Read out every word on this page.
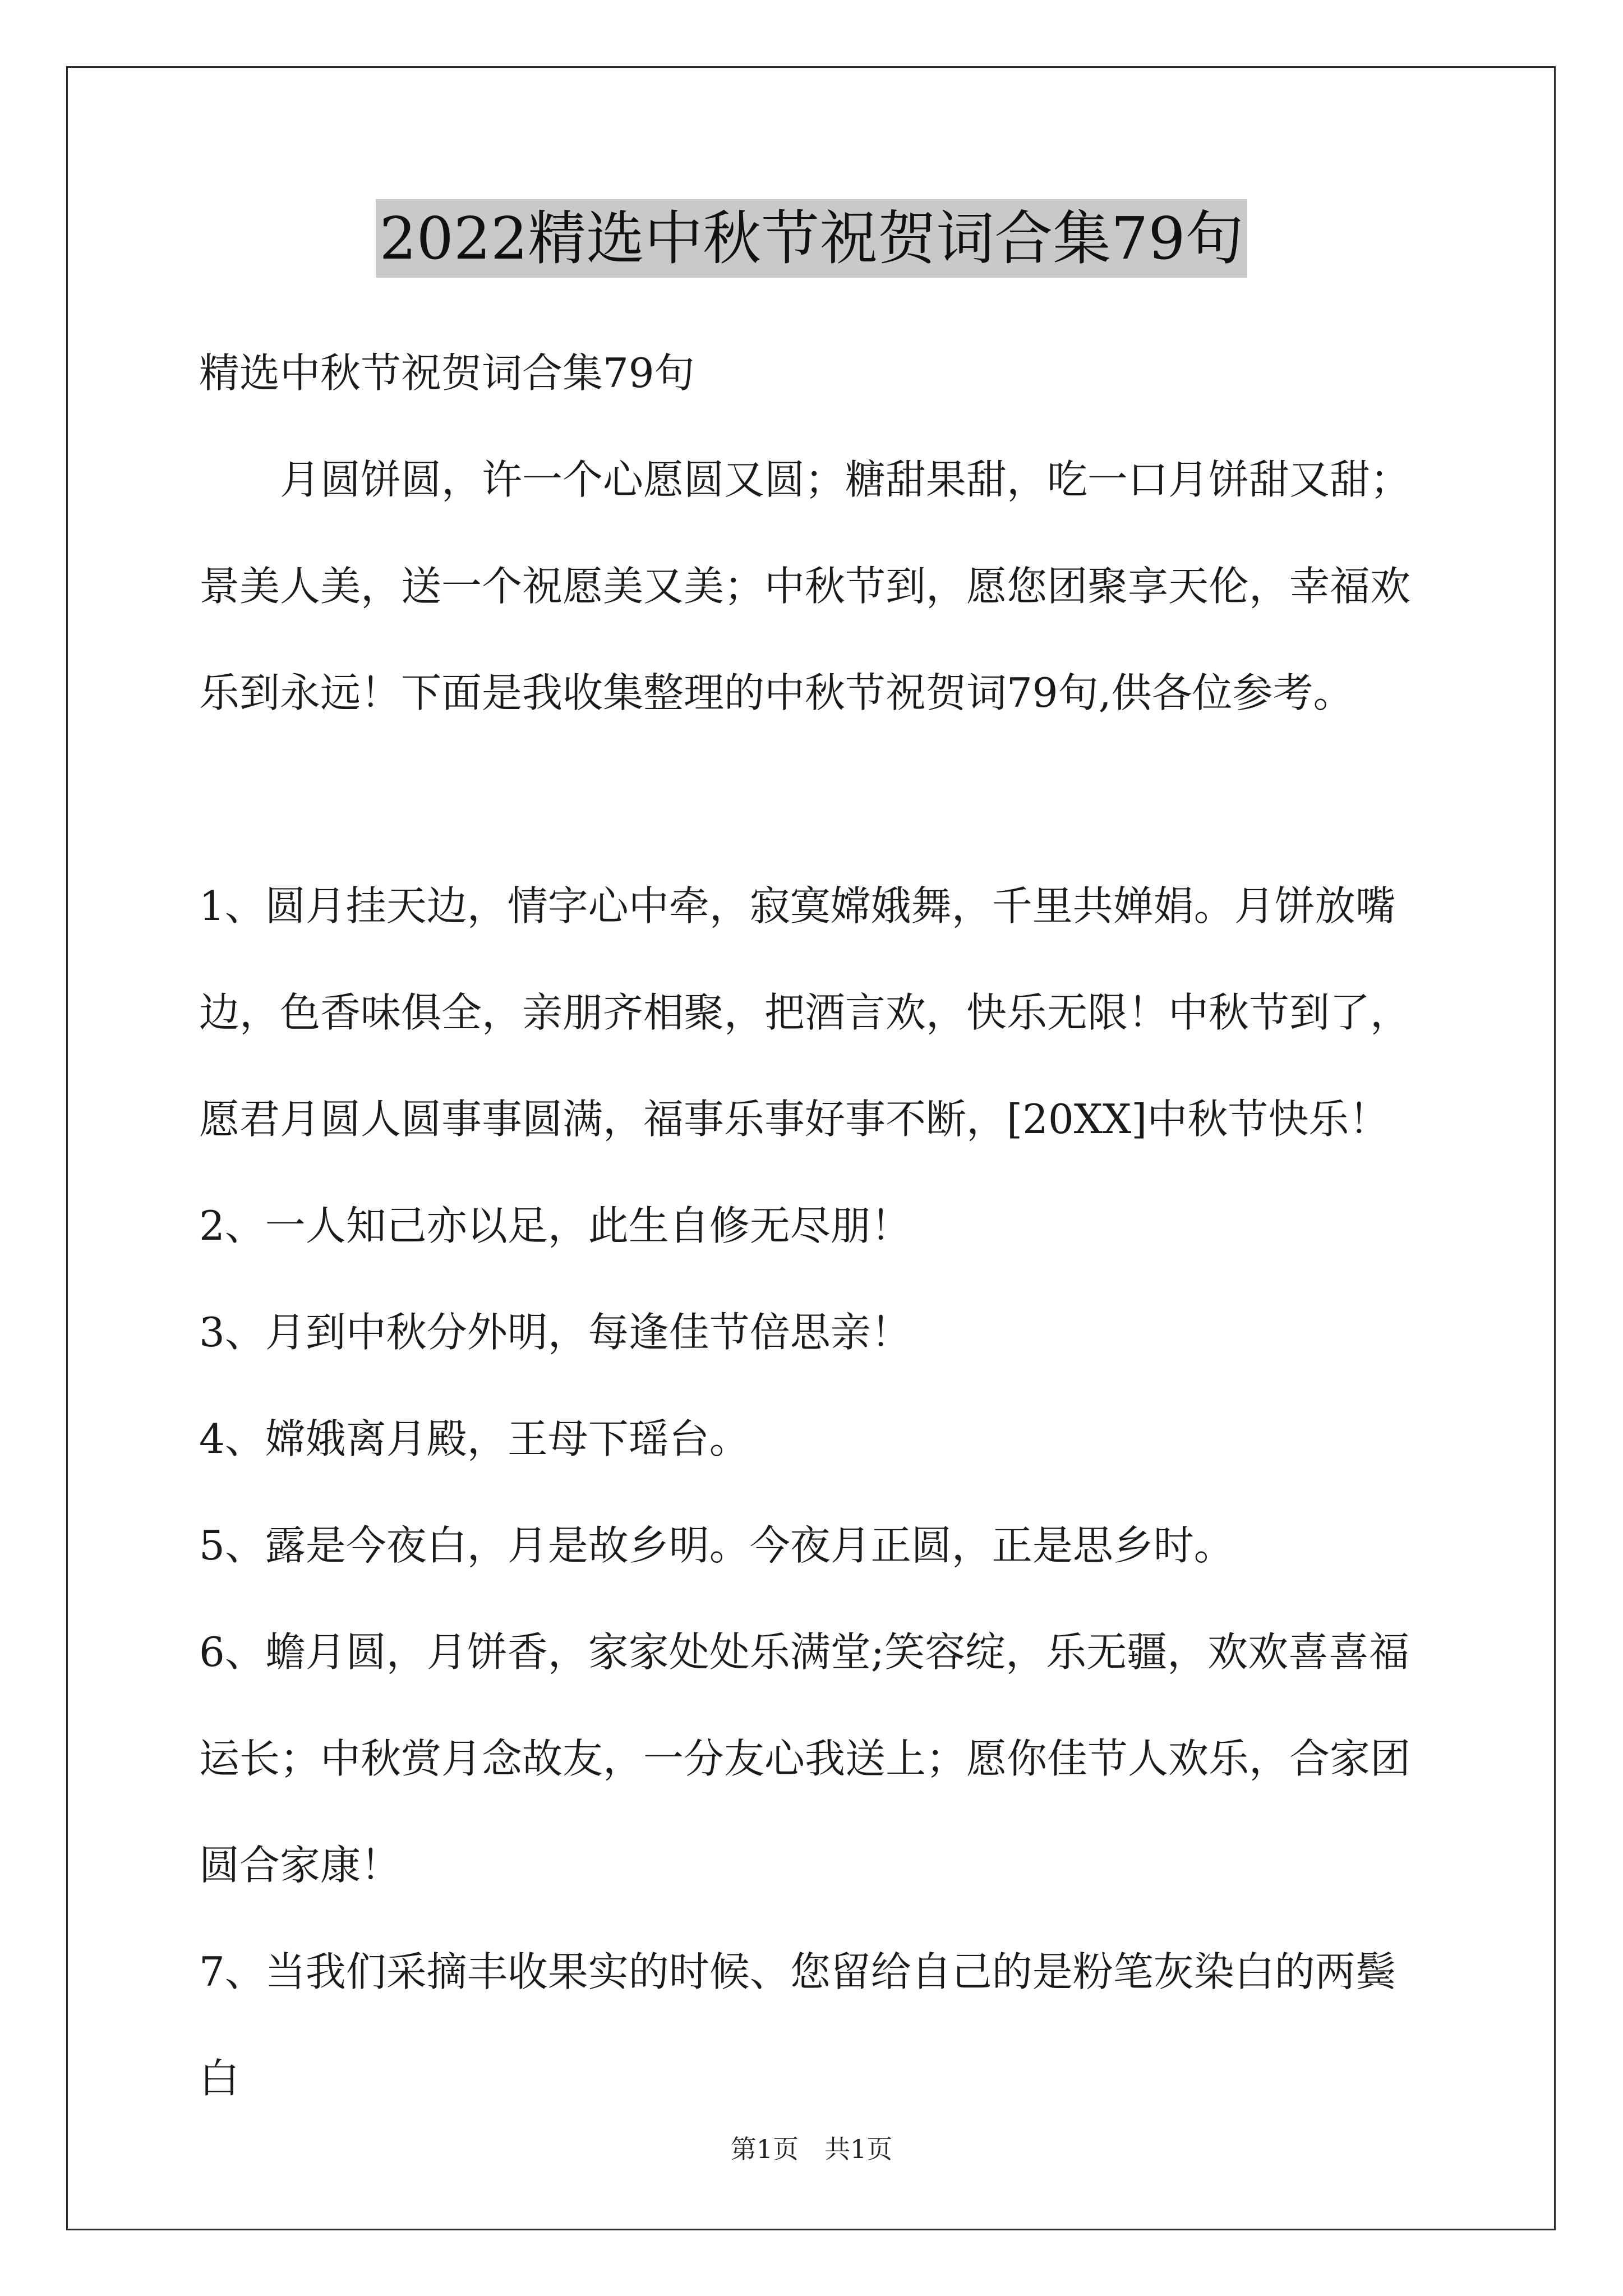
2022精选中秋节祝贺词合集79句

精选中秋节祝贺词合集79句

月圆饼圆，许一个心愿圆又圆；糖甜果甜，吃一口月饼甜又甜；景美人美，送一个祝愿美又美；中秋节到，愿您团聚享天伦，幸福欢乐到永远！下面是我收集整理的中秋节祝贺词79句,供各位参考。

1、圆月挂天边，情字心中牵，寂寞嫦娥舞，千里共婵娟。月饼放嘴边，色香味俱全，亲朋齐相聚，把酒言欢，快乐无限！中秋节到了，愿君月圆人圆事事圆满，福事乐事好事不断，[20XX]中秋节快乐！

2、一人知己亦以足，此生自修无尽朋！

3、月到中秋分外明，每逢佳节倍思亲！

4、嫦娥离月殿，王母下瑶台。

5、露是今夜白，月是故乡明。今夜月正圆，正是思乡时。

6、蟾月圆，月饼香，家家处处乐满堂;笑容绽，乐无疆，欢欢喜喜福运长；中秋赏月念故友，一分友心我送上；愿你佳节人欢乐，合家团圆合家康！

7、当我们采摘丰收果实的时候、您留给自己的是粉笔灰染白的两鬓白

第1页　共1页
